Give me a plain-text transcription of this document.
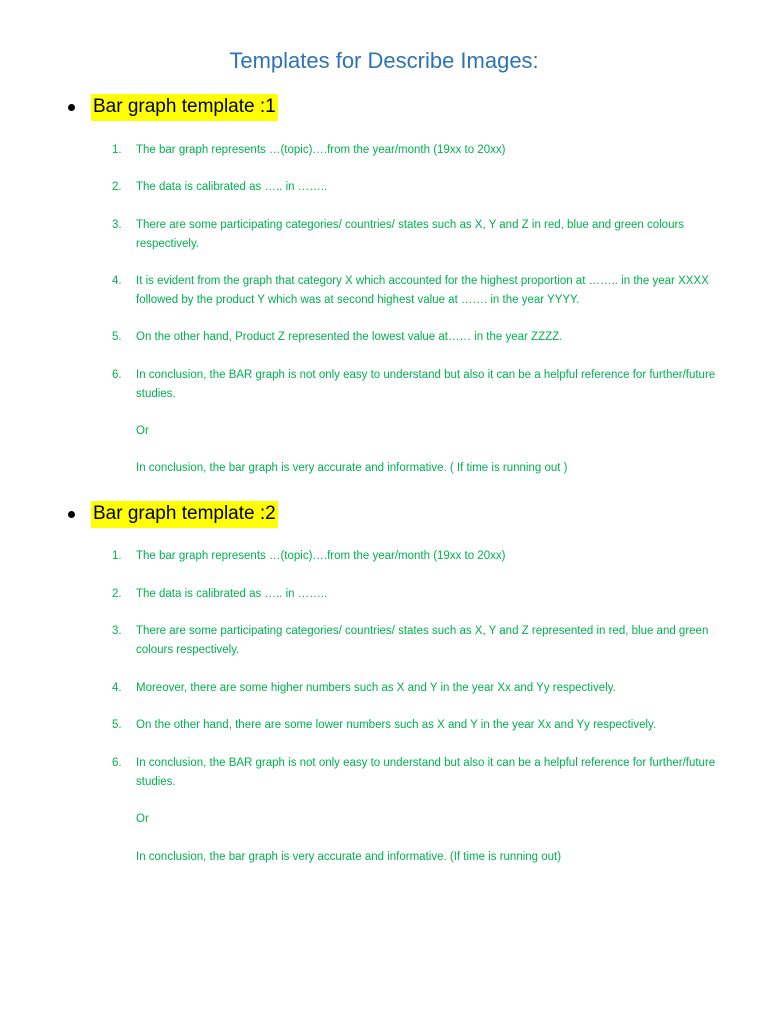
Templates for Describe Images:
Bar graph template :1
1.	The bar graph represents …(topic)….from the year/month (19xx to 20xx)
2.	The data is calibrated as ….. in ……..
3.	There are some participating categories/ countries/ states such as X, Y and Z in red, blue and green colours respectively.
4.	It is evident from the graph that category X which accounted for the highest proportion at …….. in the year XXXX followed by the product Y which was at second highest value at ……. in the year YYYY.
5.	On the other hand, Product Z represented the lowest value at…… in the year ZZZZ.
6.	In conclusion, the BAR graph is not only easy to understand but also it can be a helpful reference for further/future studies.
Or
In conclusion, the bar graph is very accurate and informative. ( If time is running out )
Bar graph template :2
1.	The bar graph represents …(topic)….from the year/month (19xx to 20xx)
2.	The data is calibrated as ….. in ……..
3.	There are some participating categories/ countries/ states such as X, Y and Z represented in red, blue and green colours respectively.
4.	Moreover, there are some higher numbers such as X and Y in the year Xx and Yy respectively.
5.	On the other hand, there are some lower numbers such as X and Y in the year Xx and Yy respectively.
6.	In conclusion, the BAR graph is not only easy to understand but also it can be a helpful reference for further/future studies.
Or
In conclusion, the bar graph is very accurate and informative. (If time is running out)
